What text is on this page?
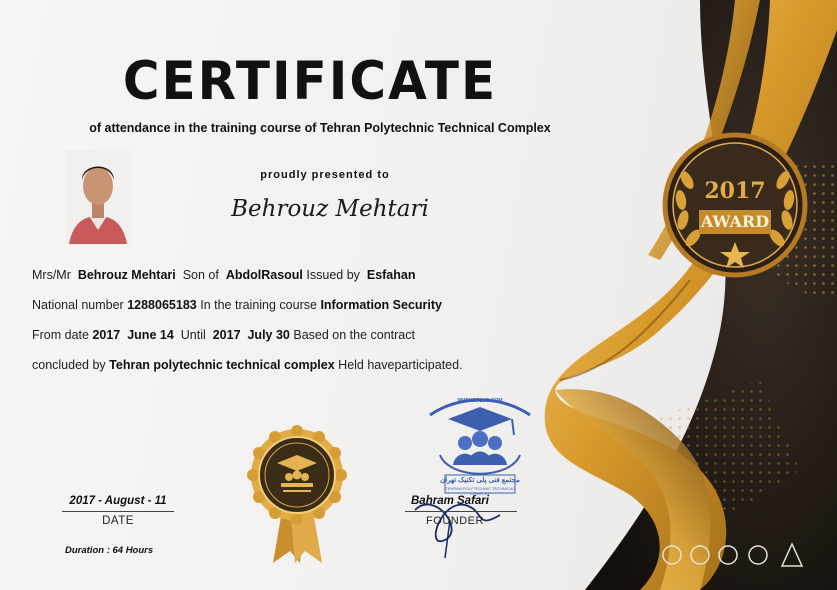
2017
AWARD
CERTIFICATE
of attendance in the training course of Tehran Polytechnic Technical Complex
proudly presented to
Behrouz Mehtari
Mrs/Mr Behrouz Mehtari Son of AbdolRasoul Issued by Esfahan
National number 1288065183 In the training course Information Security
From date 2017 June 14 Until 2017 July 30 Based on the contract
concluded by Tehran polytechnic technical complex Held haveparticipated.
WWW.PPLUS.COM
مجتمع فنی پلی تکنیک تهران
TEHRAN POLYTECHNIC TECHNICAL COMPLEX
2017 - August - 11
DATE
Duration : 64 Hours
Bahram Safari
FOUNDER
